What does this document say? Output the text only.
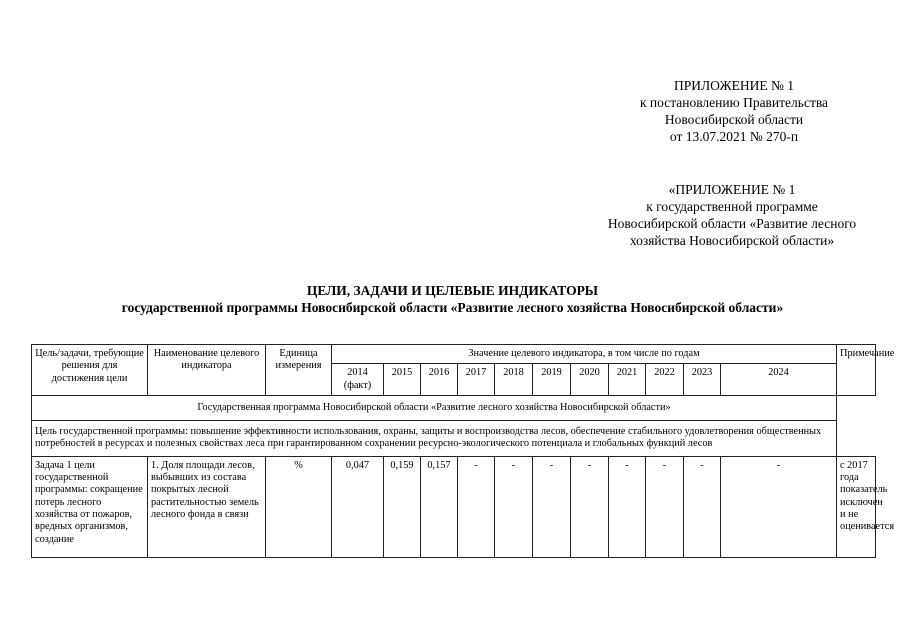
ПРИЛОЖЕНИЕ № 1
к постановлению Правительства
Новосибирской области
от 13.07.2021 № 270-п
«ПРИЛОЖЕНИЕ № 1
к государственной программе
Новосибирской области «Развитие лесного
хозяйства Новосибирской области»
ЦЕЛИ, ЗАДАЧИ И ЦЕЛЕВЫЕ ИНДИКАТОРЫ
государственной программы Новосибирской области «Развитие лесного хозяйства Новосибирской области»
Цель/задачи, требующие решения для достижения цели	Наименование целевого индикатора	Единица измерения	Значение целевого индикатора, в том числе по годам											Примечание
			2014 (факт)	2015	2016	2017	2018	2019	2020	2021	2022	2023	2024	
Государственная программа Новосибирской области «Развитие лесного хозяйства Новосибирской области»														
Цель государственной программы: повышение эффективности использования, охраны, защиты и воспроизводства лесов, обеспечение стабильного удовлетворения общественных потребностей в ресурсах и полезных свойствах леса при гарантированном сохранении ресурсно-экологического потенциала и глобальных функций лесов														
Задача 1 цели государственной программы: сокращение потерь лесного хозяйства от пожаров, вредных организмов, создание	1. Доля площади лесов, выбывших из состава покрытых лесной растительностью земель лесного фонда в связи	%	0,047	0,159	0,157	-	-	-	-	-	-	-	-	с 2017 года показатель исключен и не оценивается
